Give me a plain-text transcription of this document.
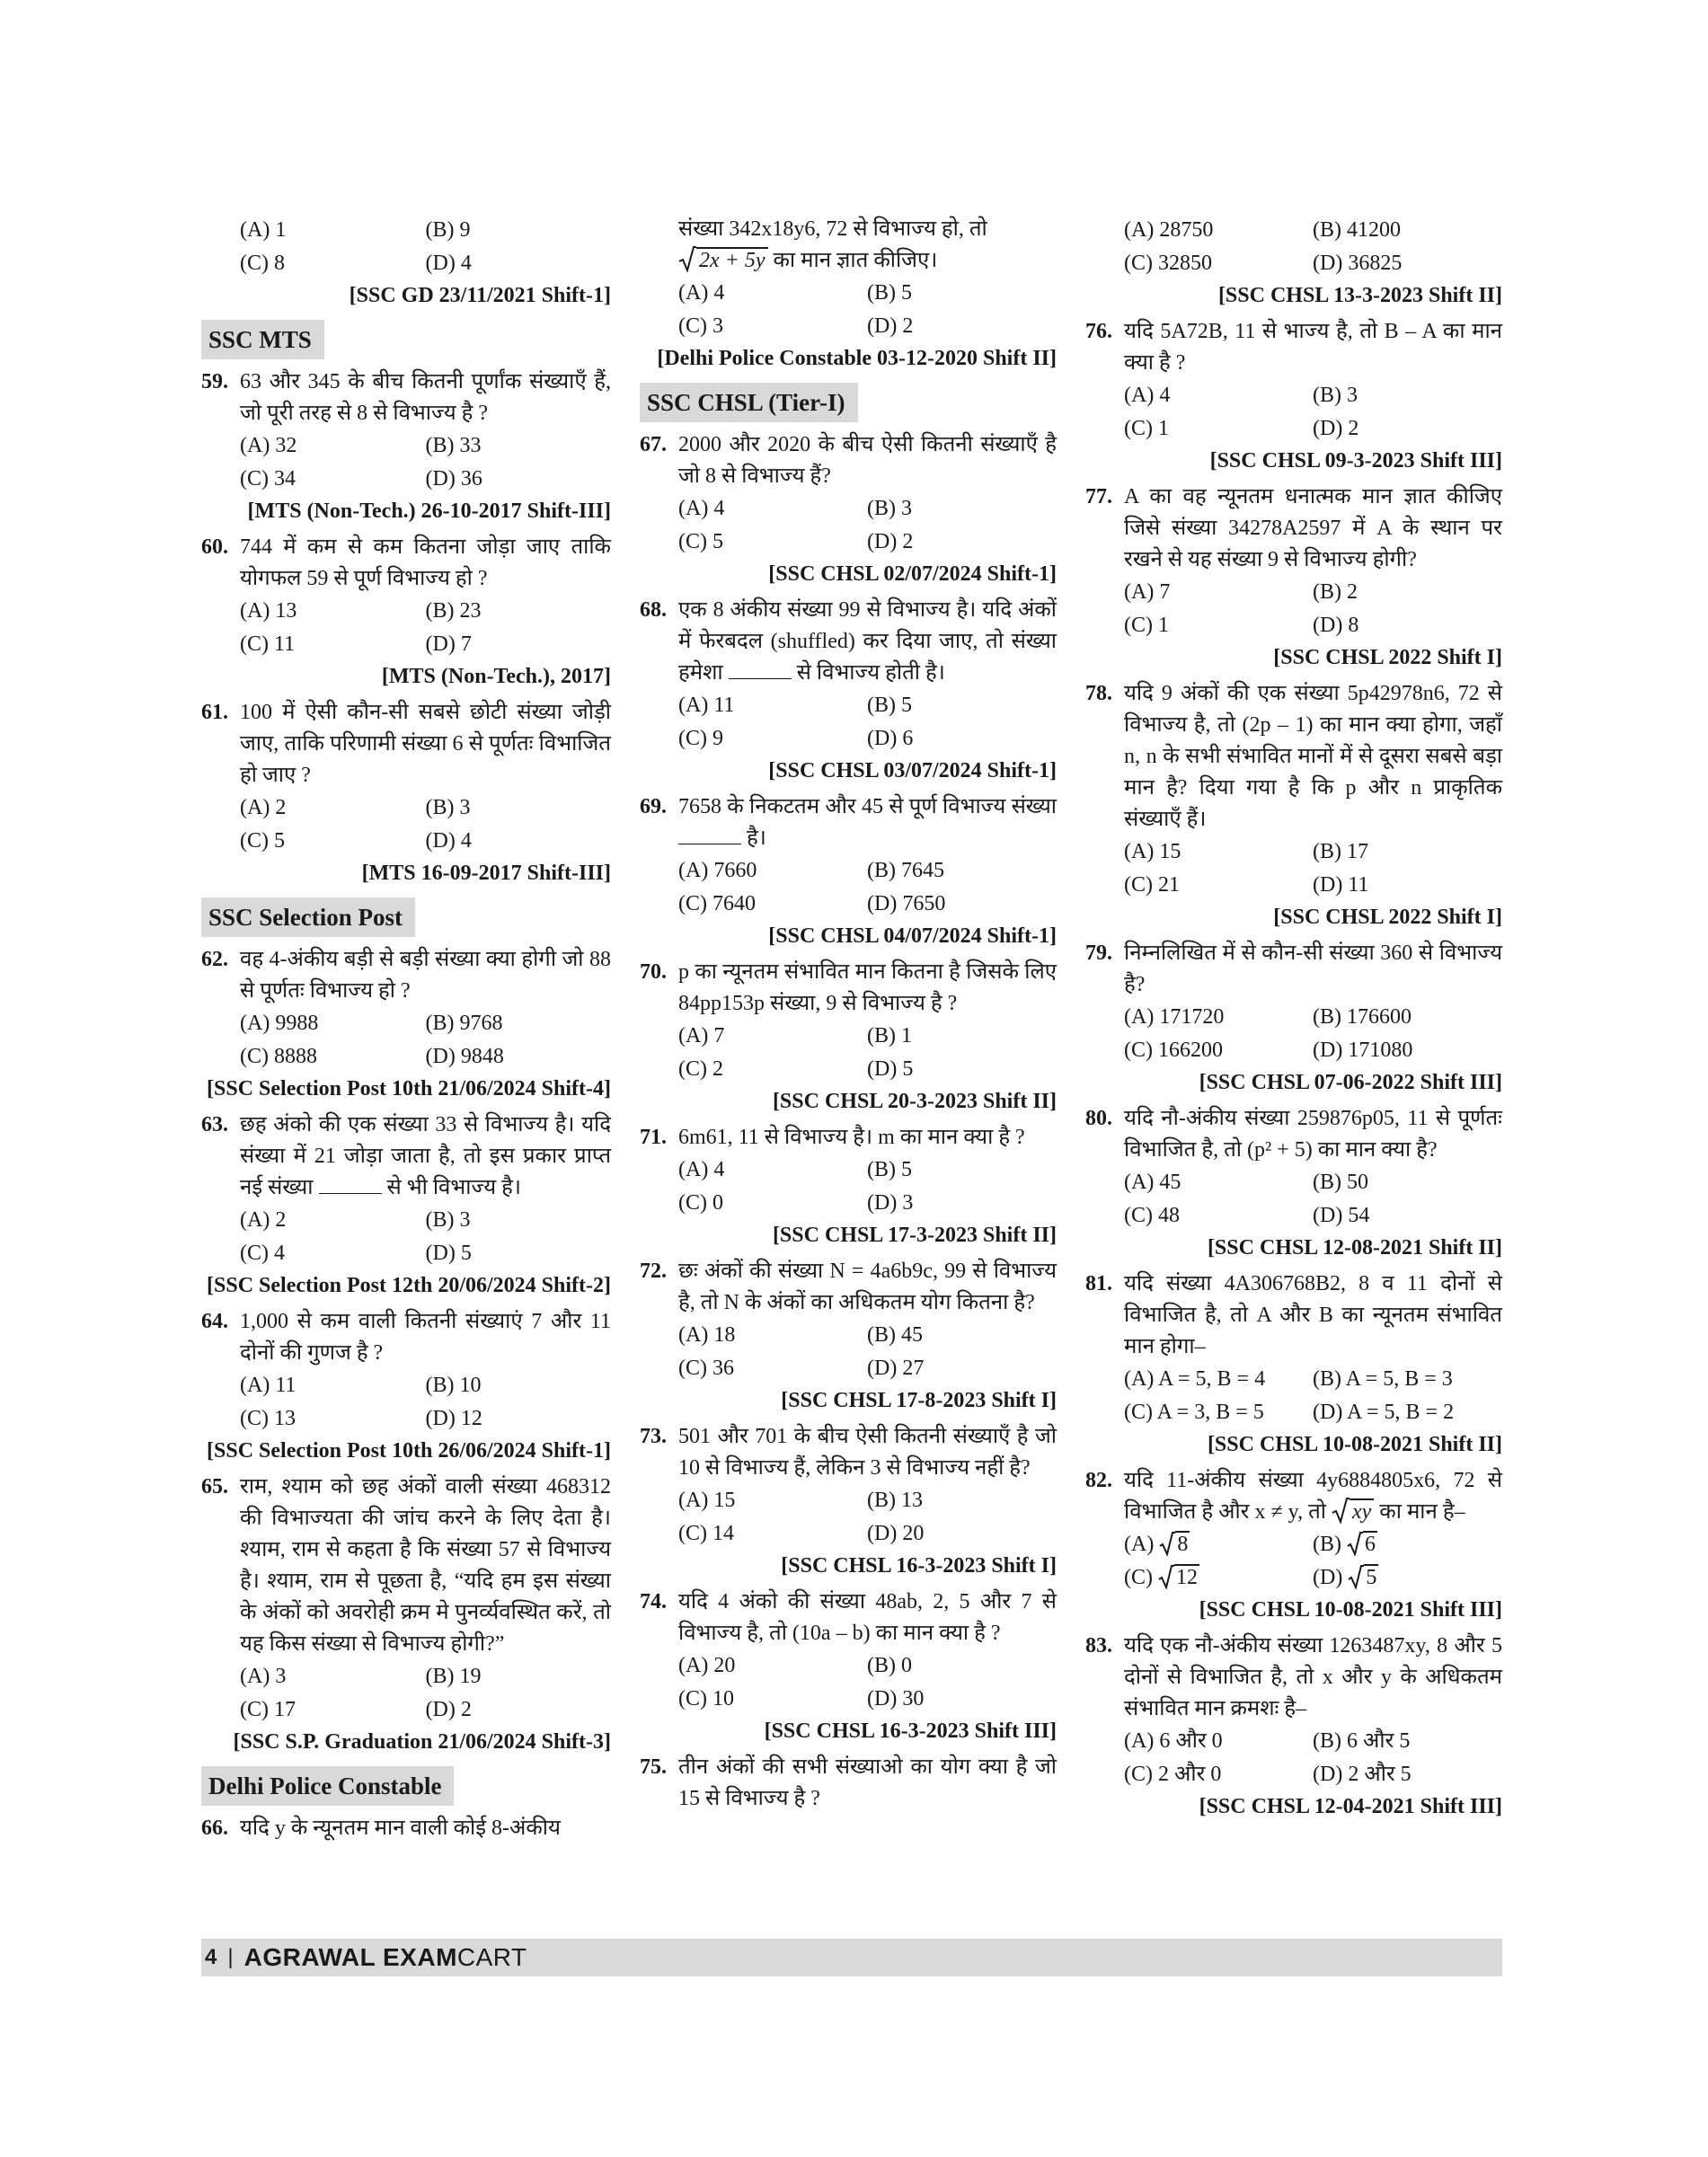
(A) 1	(B) 9
(C) 8	(D) 4
[SSC GD 23/11/2021 Shift-1]
SSC MTS
59. 63 और 345 के बीच कितनी पूर्णांक संख्याएँ हैं, जो पूरी तरह से 8 से विभाज्य है ?
(A) 32	(B) 33
(C) 34	(D) 36
[MTS (Non-Tech.) 26-10-2017 Shift-III]
60. 744 में कम से कम कितना जोड़ा जाए ताकि योगफल 59 से पूर्ण विभाज्य हो ?
(A) 13	(B) 23
(C) 11	(D) 7
[MTS (Non-Tech.), 2017]
61. 100 में ऐसी कौन-सी सबसे छोटी संख्या जोड़ी जाए, ताकि परिणामी संख्या 6 से पूर्णतः विभाजित हो जाए ?
(A) 2	(B) 3
(C) 5	(D) 4
[MTS 16-09-2017 Shift-III]
SSC Selection Post
62. वह 4-अंकीय बड़ी से बड़ी संख्या क्या होगी जो 88 से पूर्णतः विभाज्य हो ?
(A) 9988	(B) 9768
(C) 8888	(D) 9848
[SSC Selection Post 10th 21/06/2024 Shift-4]
63. छह अंको की एक संख्या 33 से विभाज्य है। यदि संख्या में 21 जोड़ा जाता है, तो इस प्रकार प्राप्त नई संख्या	से भी विभाज्य है।
(A) 2	(B) 3
(C) 4	(D) 5
[SSC Selection Post 12th 20/06/2024 Shift-2]
64. 1,000 से कम वाली कितनी संख्याएं 7 और 11 दोनों की गुणज है ?
(A) 11	(B) 10
(C) 13	(D) 12
[SSC Selection Post 10th 26/06/2024 Shift-1]
65. राम, श्याम को छह अंकों वाली संख्या 468312 की विभाज्यता की जांच करने के लिए देता है। श्याम, राम से कहता है कि संख्या 57 से विभाज्य है। श्याम, राम से पूछता है, “यदि हम इस संख्या के अंकों को अवरोही क्रम मे पुनर्व्यवस्थित करें, तो यह किस संख्या से विभाज्य होगी?”
(A) 3	(B) 19
(C) 17	(D) 2
[SSC S.P. Graduation 21/06/2024 Shift-3]
Delhi Police Constable
66. यदि y के न्यूनतम मान वाली कोई 8-अंकीय
संख्या 342x18y6, 72 से विभाज्य हो, तो
2x + 5y का मान ज्ञात कीजिए।
(A) 4	(B) 5
(C) 3	(D) 2
[Delhi Police Constable 03-12-2020 Shift II]
SSC CHSL (Tier-I)
67. 2000 और 2020 के बीच ऐसी कितनी संख्याएँ है जो 8 से विभाज्य हैं?
(A) 4	(B) 3
(C) 5	(D) 2
[SSC CHSL 02/07/2024 Shift-1]
68. एक 8 अंकीय संख्या 99 से विभाज्य है। यदि अंकों में फेरबदल (shuffled) कर दिया जाए, तो संख्या हमेशा	से विभाज्य होती है।
(A) 11	(B) 5
(C) 9	(D) 6
[SSC CHSL 03/07/2024 Shift-1]
69. 7658 के निकटतम और 45 से पूर्ण विभाज्य संख्या  है।
(A) 7660	(B) 7645
(C) 7640	(D) 7650
[SSC CHSL 04/07/2024 Shift-1]
70. p का न्यूनतम संभावित मान कितना है जिसके लिए 84pp153p संख्या, 9 से विभाज्य है ?
(A) 7	(B) 1
(C) 2	(D) 5
[SSC CHSL 20-3-2023 Shift II]
71. 6m61, 11 से विभाज्य है। m का मान क्या है ?
(A) 4	(B) 5
(C) 0	(D) 3
[SSC CHSL 17-3-2023 Shift II]
72. छः अंकों की संख्या N = 4a6b9c, 99 से विभाज्य है, तो N के अंकों का अधिकतम योग कितना है?
(A) 18	(B) 45
(C) 36	(D) 27
[SSC CHSL 17-8-2023 Shift I]
73. 501 और 701 के बीच ऐसी कितनी संख्याएँ है जो 10 से विभाज्य हैं, लेकिन 3 से विभाज्य नहीं है?
(A) 15	(B) 13
(C) 14	(D) 20
[SSC CHSL 16-3-2023 Shift I]
74. यदि 4 अंको की संख्या 48ab, 2, 5 और 7 से विभाज्य है, तो (10a – b) का मान क्या है ?
(A) 20	(B) 0
(C) 10	(D) 30
[SSC CHSL 16-3-2023 Shift III]
75. तीन अंकों की सभी संख्याओ का योग क्या है जो 15 से विभाज्य है ?
(A) 28750	(B) 41200
(C) 32850	(D) 36825
[SSC CHSL 13-3-2023 Shift II]
76. यदि 5A72B, 11 से भाज्य है, तो B – A का मान क्या है ?
(A) 4	(B) 3
(C) 1	(D) 2
[SSC CHSL 09-3-2023 Shift III]
77. A का वह न्यूनतम धनात्मक मान ज्ञात कीजिए जिसे संख्या 34278A2597 में A के स्थान पर रखने से यह संख्या 9 से विभाज्य होगी?
(A) 7	(B) 2
(C) 1	(D) 8
[SSC CHSL 2022 Shift I]
78. यदि 9 अंकों की एक संख्या 5p42978n6, 72 से विभाज्य है, तो (2p – 1) का मान क्या होगा, जहाँ n, n के सभी संभावित मानों में से दूसरा सबसे बड़ा मान है? दिया गया है कि p और n प्राकृतिक संख्याएँ हैं।
(A) 15	(B) 17
(C) 21	(D) 11
[SSC CHSL 2022 Shift I]
79. निम्नलिखित में से कौन-सी संख्या 360 से विभाज्य है?
(A) 171720	(B) 176600
(C) 166200	(D) 171080
[SSC CHSL 07-06-2022 Shift III]
80. यदि नौ-अंकीय संख्या 259876p05, 11 से पूर्णतः विभाजित है, तो (p² + 5) का मान क्या है?
(A) 45	(B) 50
(C) 48	(D) 54
[SSC CHSL 12-08-2021 Shift II]
81. यदि संख्या 4A306768B2, 8 व 11 दोनों से विभाजित है, तो A और B का न्यूनतम संभावित मान होगा–
(A) A = 5, B = 4	(B) A = 5, B = 3
(C) A = 3, B = 5	(D) A = 5, B = 2
[SSC CHSL 10-08-2021 Shift II]
82. यदि 11-अंकीय संख्या 4y6884805x6, 72 से विभाजित है और x ≠ y, तो xy का मान है–
(A) 8	(B) 6
(C) 12	(D) 5
[SSC CHSL 10-08-2021 Shift III]
83. यदि एक नौ-अंकीय संख्या 1263487xy, 8 और 5 दोनों से विभाजित है, तो x और y के अधिकतम संभावित मान क्रमशः है–
(A) 6 और 0	(B) 6 और 5
(C) 2 और 0	(D) 2 और 5
[SSC CHSL 12-04-2021 Shift III]
4 | AGRAWAL EXAMCART
